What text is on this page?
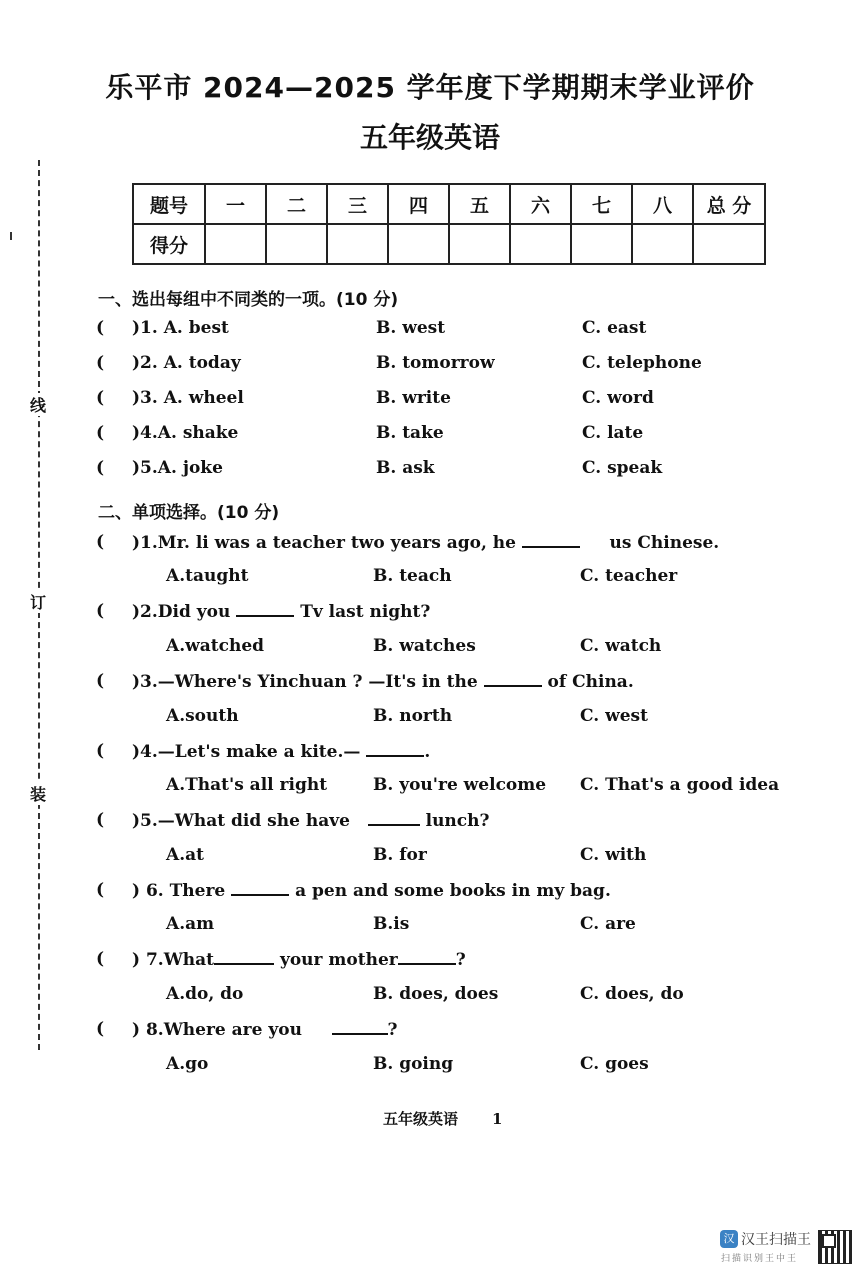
乐平市 2024—2025 学年度下学期期末学业评价
五年级英语
题号	一	二	三	四	五	六	七	八	总 分
得分									
线
订
装
一、选出每组中不同类的一项。(10 分)
( )1. A. best	B. west	C. east
( )2. A. today	B. tomorrow	C. telephone
( )3. A. wheel	B. write	C. word
( )4.A. shake	B. take	C. late
( )5.A. joke	B. ask	C. speak
二、单项选择。(10 分)
( )1.Mr. li was a teacher two years ago, he	us Chinese.
A.taught	B. teach	C. teacher
( )2.Did you	Tv last night?
A.watched	B. watches	C. watch
( )3.—Where's Yinchuan ? —It's in the	of China.
A.south	B. north	C. west
( )4.—Let's make a kite.—	.
A.That's all right	B. you're welcome C. That's a good idea
( )5.—What did she have	lunch?
A.at	B. for	C. with
( ) 6. There	a pen and some books in my bag.
A.am	B.is	C. are
( ) 7.What	your mother	?
A.do, do	B. does, does	C. does, do
( ) 8.Where are you	?
A.go	B. going	C. goes
五年级英语 1
汉 汉王扫描王
扫描识别王中王
